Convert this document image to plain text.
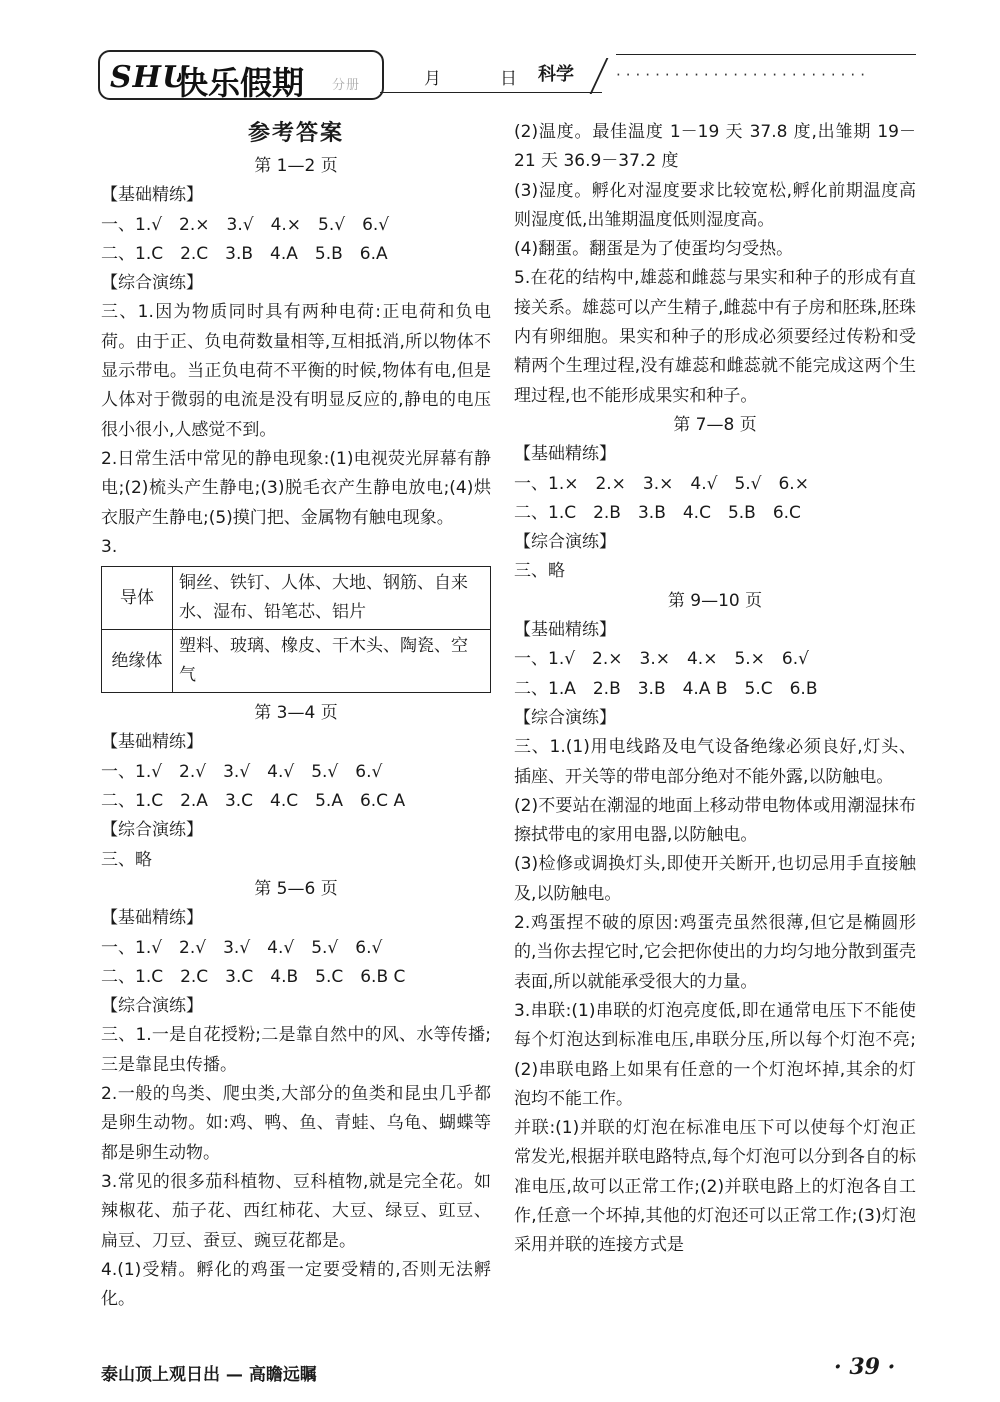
SHU
快乐假期 分册	月	日 科学	··························

参考答案

第 1—2 页

【基础精练】

一、1.√　2.×　3.√　4.×　5.√　6.√

二、1.C　2.C　3.B　4.A　5.B　6.A

【综合演练】

三、1.因为物质同时具有两种电荷:正电荷和负电荷。由于正、负电荷数量相等,互相抵消,所以物体不显示带电。当正负电荷不平衡的时候,物体有电,但是人体对于微弱的电流是没有明显反应的,静电的电压很小很小,人感觉不到。

2.日常生活中常见的静电现象:(1)电视荧光屏幕有静电;(2)梳头产生静电;(3)脱毛衣产生静电放电;(4)烘衣服产生静电;(5)摸门把、金属物有触电现象。

3.

导体	铜丝、铁钉、人体、大地、钢筋、自来水、湿布、铅笔芯、铝片
绝缘体	塑料、玻璃、橡皮、干木头、陶瓷、空气

第 3—4 页

【基础精练】

一、1.√　2.√　3.√　4.√　5.√　6.√

二、1.C　2.A　3.C　4.C　5.A　6.C A

【综合演练】

三、略

第 5—6 页

【基础精练】

一、1.√　2.√　3.√　4.√　5.√　6.√

二、1.C　2.C　3.C　4.B　5.C　6.B C

【综合演练】

三、1.一是自花授粉;二是靠自然中的风、水等传播;三是靠昆虫传播。

2.一般的鸟类、爬虫类,大部分的鱼类和昆虫几乎都是卵生动物。如:鸡、鸭、鱼、青蛙、乌龟、蝴蝶等都是卵生动物。

3.常见的很多茄科植物、豆科植物,就是完全花。如辣椒花、茄子花、西红柿花、大豆、绿豆、豇豆、扁豆、刀豆、蚕豆、豌豆花都是。

4.(1)受精。孵化的鸡蛋一定要受精的,否则无法孵化。

(2)温度。最佳温度 1－19 天 37.8 度,出雏期 19－21 天 36.9－37.2 度

(3)湿度。孵化对湿度要求比较宽松,孵化前期温度高则湿度低,出雏期温度低则湿度高。

(4)翻蛋。翻蛋是为了使蛋均匀受热。

5.在花的结构中,雄蕊和雌蕊与果实和种子的形成有直接关系。雄蕊可以产生精子,雌蕊中有子房和胚珠,胚珠内有卵细胞。果实和种子的形成必须要经过传粉和受精两个生理过程,没有雄蕊和雌蕊就不能完成这两个生理过程,也不能形成果实和种子。

第 7—8 页

【基础精练】

一、1.×　2.×　3.×　4.√　5.√　6.×

二、1.C　2.B　3.B　4.C　5.B　6.C

【综合演练】

三、略

第 9—10 页

【基础精练】

一、1.√　2.×　3.×　4.×　5.×　6.√

二、1.A　2.B　3.B　4.A B　5.C　6.B

【综合演练】

三、1.(1)用电线路及电气设备绝缘必须良好,灯头、插座、开关等的带电部分绝对不能外露,以防触电。

(2)不要站在潮湿的地面上移动带电物体或用潮湿抹布擦拭带电的家用电器,以防触电。

(3)检修或调换灯头,即使开关断开,也切忌用手直接触及,以防触电。

2.鸡蛋捏不破的原因:鸡蛋壳虽然很薄,但它是椭圆形的,当你去捏它时,它会把你使出的力均匀地分散到蛋壳表面,所以就能承受很大的力量。

3.串联:(1)串联的灯泡亮度低,即在通常电压下不能使每个灯泡达到标准电压,串联分压,所以每个灯泡不亮;(2)串联电路上如果有任意的一个灯泡坏掉,其余的灯泡均不能工作。

并联:(1)并联的灯泡在标准电压下可以使每个灯泡正常发光,根据并联电路特点,每个灯泡可以分到各自的标准电压,故可以正常工作;(2)并联电路上的灯泡各自工作,任意一个坏掉,其他的灯泡还可以正常工作;(3)灯泡采用并联的连接方式是

泰山顶上观日出 — 高瞻远瞩	· 39 ·
